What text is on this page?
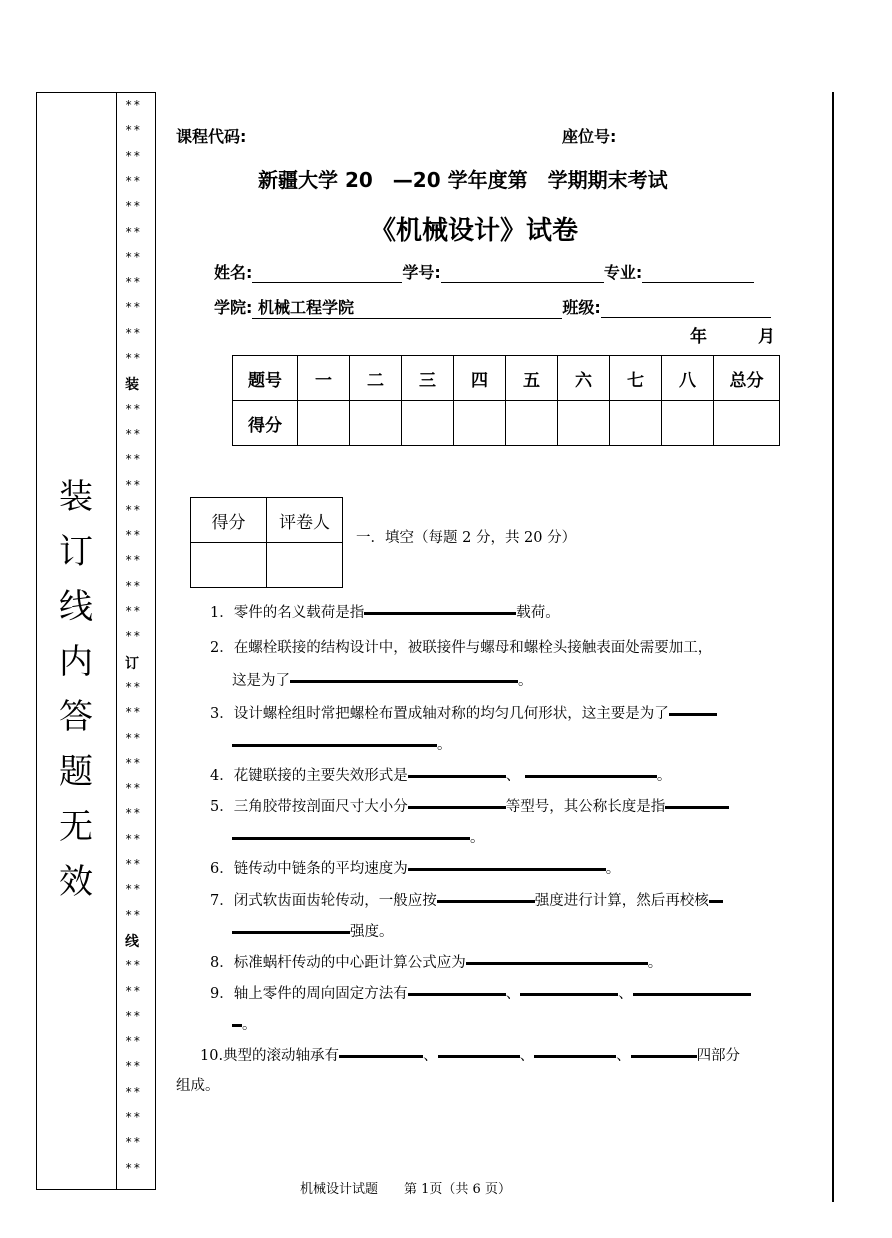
装
订
线
内
答
题
无
效
**
**
**
**
**
**
**
**
**
**
**
装
**
**
**
**
**
**
**
**
**
**
订
**
**
**
**
**
**
**
**
**
**
线
**
**
**
**
**
**
**
**
**
课程代码:	座位号:
新疆大学 20　—20 学年度第　学期期末考试
《机械设计》试卷
姓名:	学号:	专业:
学院: 机械工程学院	班级:
年	月
题号	一	二	三	四	五	六	七	八	总分
得分									
得分	评卷人

一．填空（每题 2 分，共 20 分）
1．零件的名义载荷是指	载荷。
2．在螺栓联接的结构设计中，被联接件与螺母和螺栓头接触表面处需要加工，
这是为了	。
3．设计螺栓组时常把螺栓布置成轴对称的均匀几何形状，这主要是为了
。
4．花键联接的主要失效形式是	、	。
5．三角胶带按剖面尺寸大小分	等型号，其公称长度是指
。
6．链传动中链条的平均速度为	。
7．闭式软齿面齿轮传动，一般应按	强度进行计算，然后再校核
强度。
8．标准蜗杆传动的中心距计算公式应为	。
9．轴上零件的周向固定方法有	、	、
。
10.典型的滚动轴承有	、	、	、	四部分
组成。
机械设计试题　　第 1页（共 6 页）
